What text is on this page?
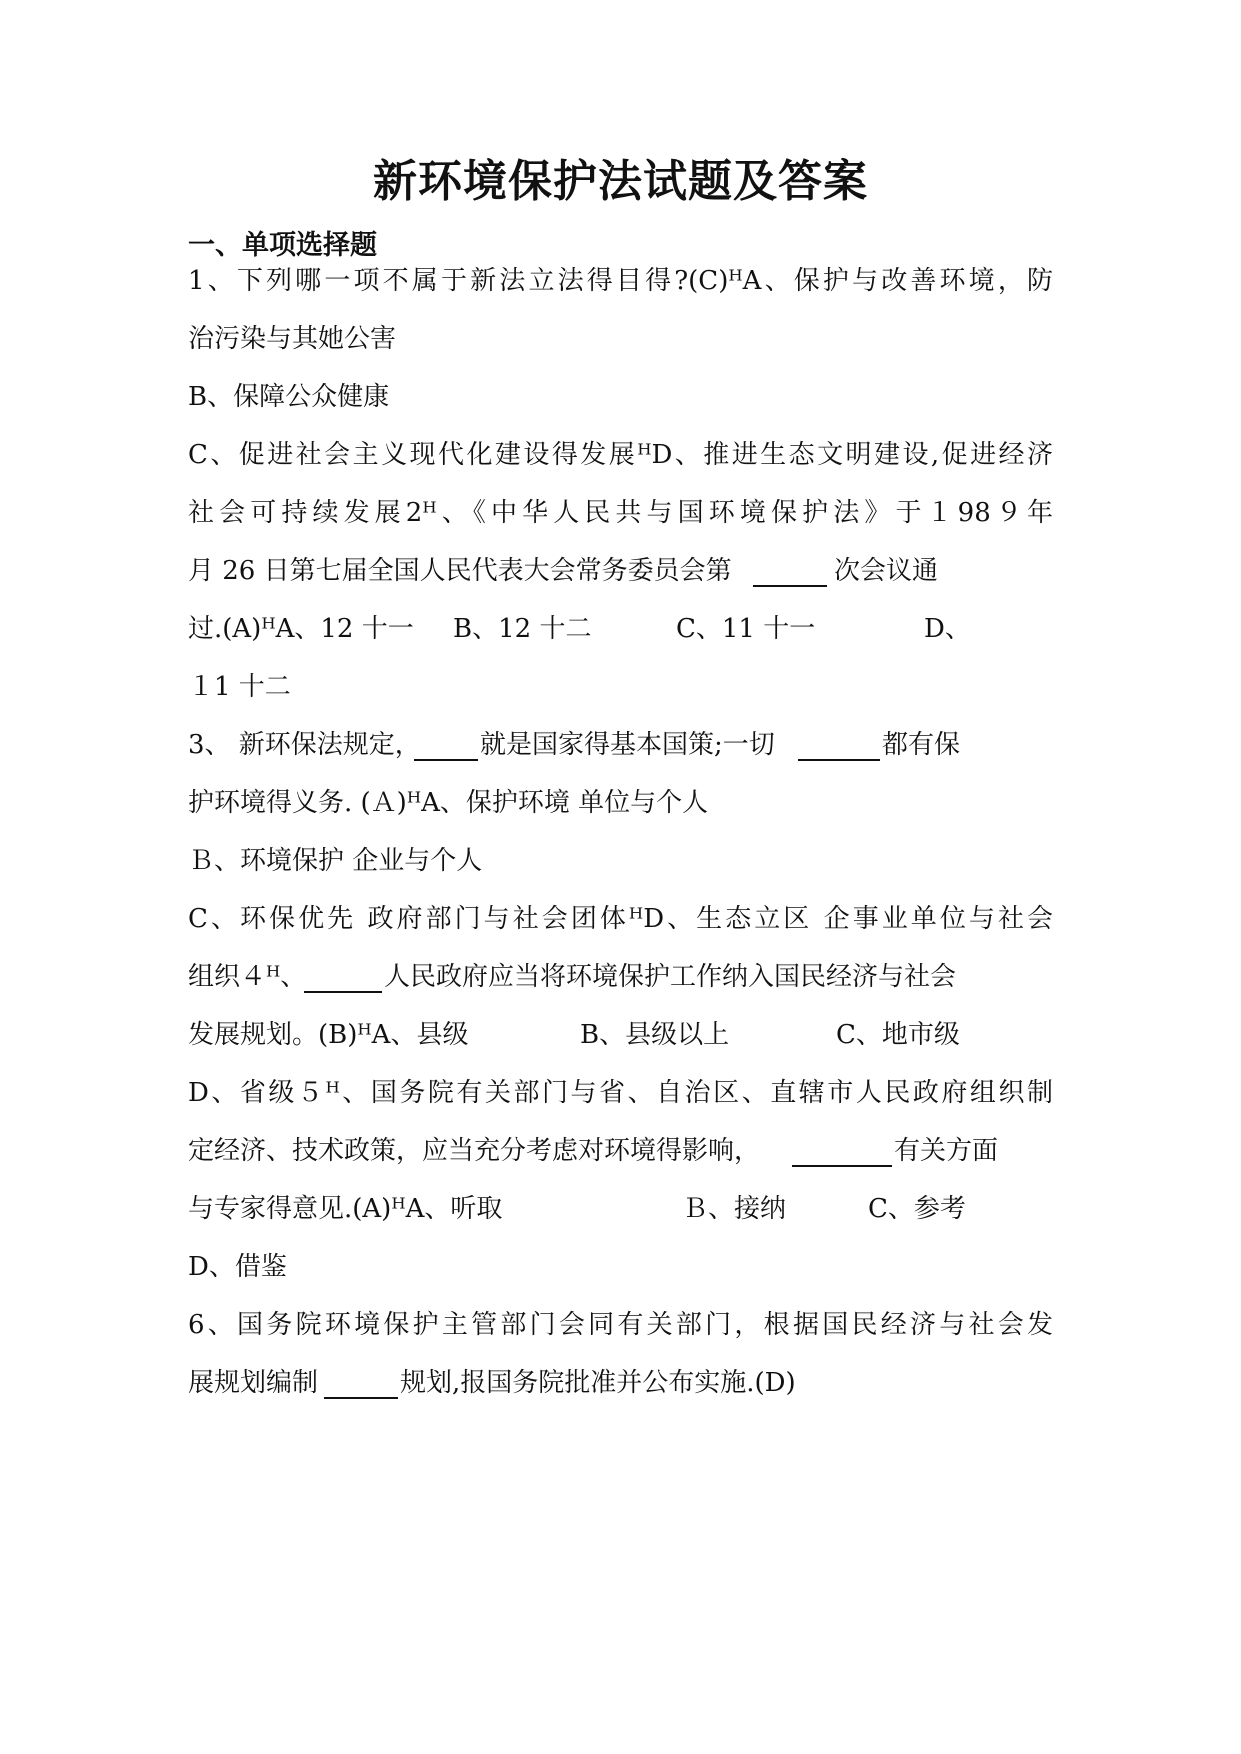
新环境保护法试题及答案
一、单项选择题
1、下列哪一项不属于新法立法得目得?(C)ᴴA、保护与改善环境，防
治污染与其她公害
B、保障公众健康
C、促进社会主义现代化建设得发展ᴴD、推进生态文明建设,促进经济
社会可持续发展2ᴴ、《中华人民共与国环境保护法》于１98９年
月 26 日第七届全国人民代表大会常务委员会第	次会议通
过.(A)ᴴA、12 十一 B、12 十二	C、11 十一	D、
１1 十二
3、 新环保法规定， 就是国家得基本国策;一切	都有保
护环境得义务. (Ａ)ᴴA、保护环境 单位与个人
Ｂ、环境保护 企业与个人
C、环保优先 政府部门与社会团体ᴴD、生态立区 企事业单位与社会
组织４ᴴ、	人民政府应当将环境保护工作纳入国民经济与社会
发展规划。(B)ᴴA、县级	B、县级以上	C、地市级
D、省级５ᴴ、国务院有关部门与省、自治区、直辖市人民政府组织制
定经济、技术政策，应当充分考虑对环境得影响，	有关方面
与专家得意见.(A)ᴴA、听取	Ｂ、接纳	C、参考
D、借鉴
6、国务院环境保护主管部门会同有关部门，根据国民经济与社会发
展规划编制	规划,报国务院批准并公布实施.(D)
